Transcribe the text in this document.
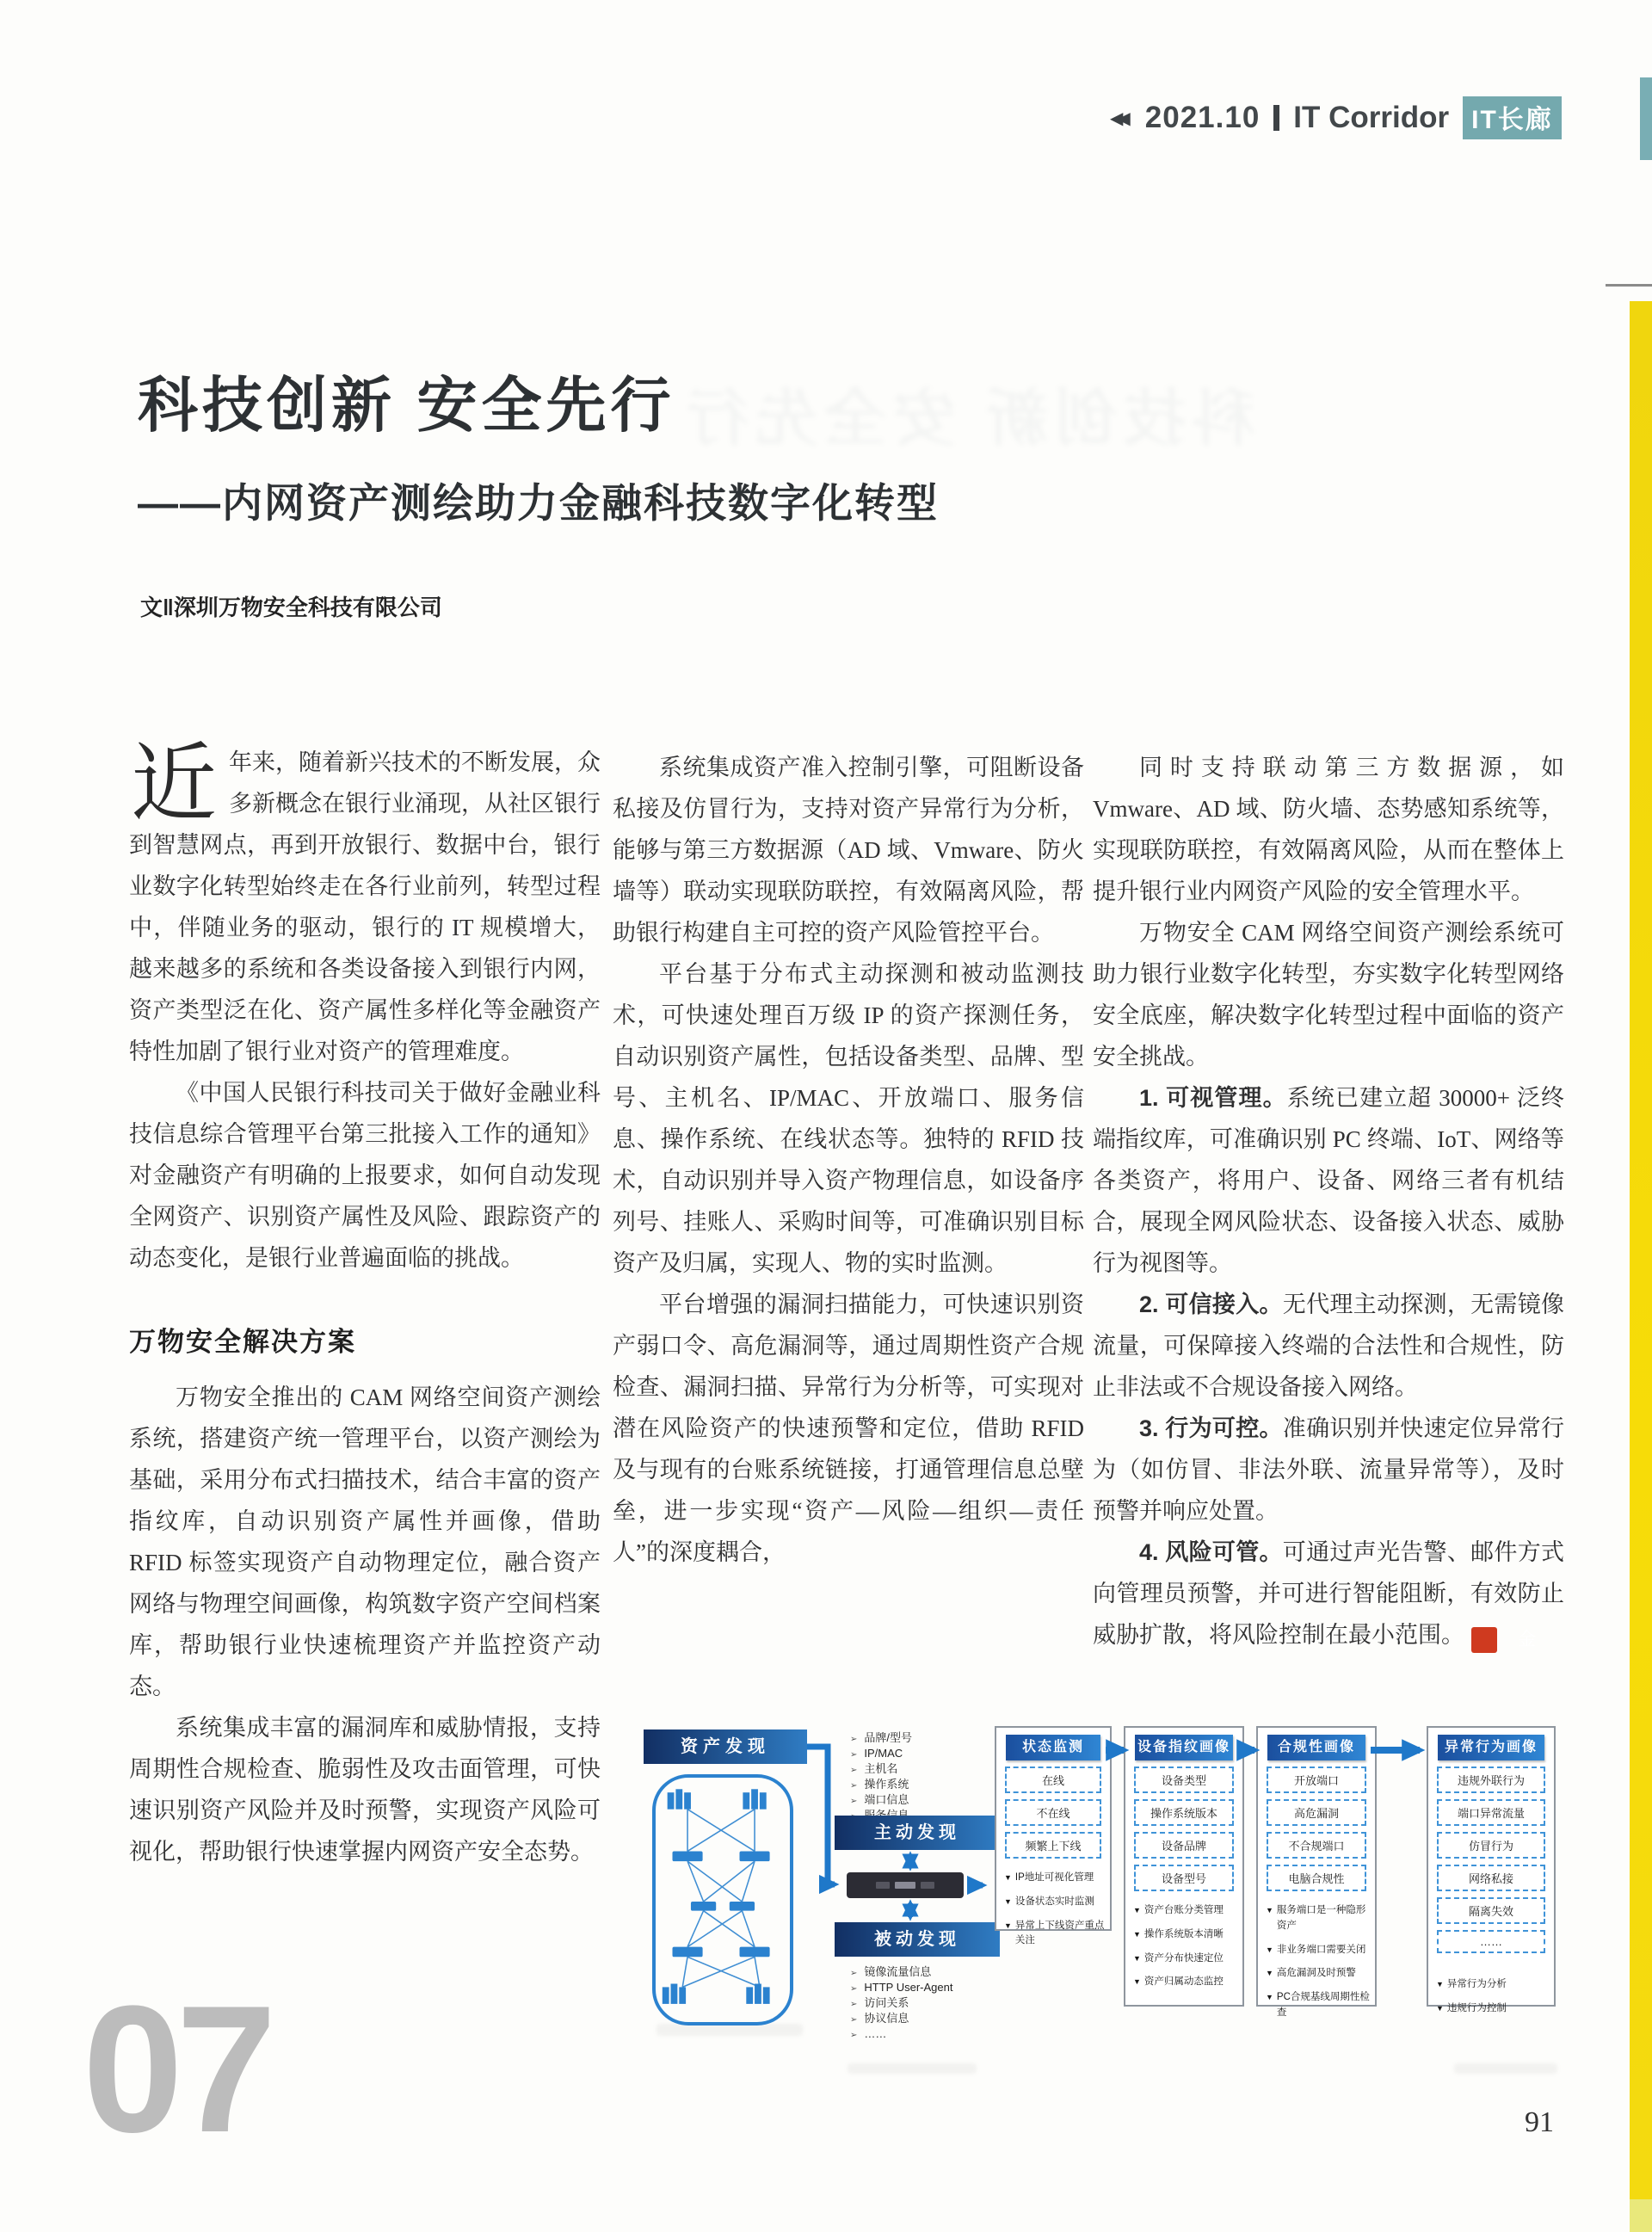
◀◀ 2021.10 IT Corridor IT长廊
科技创新 安全先行
科技创新 安全先行
——内网资产测绘助力金融科技数字化转型
文‖深圳万物安全科技有限公司
07	91

近年来，随着新兴技术的不断发展，众多新概念在银行业涌现，从社区银行到智慧网点，再到开放银行、数据中台，银行业数字化转型始终走在各行业前列，转型过程中，伴随业务的驱动，银行的 IT 规模增大，越来越多的系统和各类设备接入到银行内网，资产类型泛在化、资产属性多样化等金融资产特性加剧了银行业对资产的管理难度。

《中国人民银行科技司关于做好金融业科技信息综合管理平台第三批接入工作的通知》对金融资产有明确的上报要求，如何自动发现全网资产、识别资产属性及风险、跟踪资产的动态变化，是银行业普遍面临的挑战。

万物安全解决方案

万物安全推出的 CAM 网络空间资产测绘系统，搭建资产统一管理平台，以资产测绘为基础，采用分布式扫描技术，结合丰富的资产指纹库，自动识别资产属性并画像，借助 RFID 标签实现资产自动物理定位，融合资产网络与物理空间画像，构筑数字资产空间档案库，帮助银行业快速梳理资产并监控资产动态。

系统集成丰富的漏洞库和威胁情报，支持周期性合规检查、脆弱性及攻击面管理，可快速识别资产风险并及时预警，实现资产风险可视化，帮助银行快速掌握内网资产安全态势。

系统集成资产准入控制引擎，可阻断设备私接及仿冒行为，支持对资产异常行为分析，能够与第三方数据源（AD 域、Vmware、防火墙等）联动实现联防联控，有效隔离风险，帮助银行构建自主可控的资产风险管控平台。

平台基于分布式主动探测和被动监测技术，可快速处理百万级 IP 的资产探测任务，自动识别资产属性，包括设备类型、品牌、型号、主机名、IP/MAC、开放端口、服务信息、操作系统、在线状态等。独特的 RFID 技术，自动识别并导入资产物理信息，如设备序列号、挂账人、采购时间等，可准确识别目标资产及归属，实现人、物的实时监测。

平台增强的漏洞扫描能力，可快速识别资产弱口令、高危漏洞等，通过周期性资产合规检查、漏洞扫描、异常行为分析等，可实现对潜在风险资产的快速预警和定位，借助 RFID 及与现有的台账系统链接，打通管理信息总壁垒，进一步实现“资产—风险—组织—责任人”的深度耦合，

同时支持联动第三方数据源，如 Vmware、AD 域、防火墙、态势感知系统等，实现联防联控，有效隔离风险，从而在整体上提升银行业内网资产风险的安全管理水平。

万物安全 CAM 网络空间资产测绘系统可助力银行业数字化转型，夯实数字化转型网络安全底座，解决数字化转型过程中面临的资产安全挑战。

1. 可视管理。系统已建立超 30000+ 泛终端指纹库，可准确识别 PC 终端、IoT、网络等各类资产，将用户、设备、网络三者有机结合，展现全网风险状态、设备接入状态、威胁行为视图等。

2. 可信接入。无代理主动探测，无需镜像流量，可保障接入终端的合法性和合规性，防止非法或不合规设备接入网络。

3. 行为可控。准确识别并快速定位异常行为（如仿冒、非法外联、流量异常等），及时预警并响应处置。

4. 风险可管。可通过声光告警、邮件方式向管理员预警，并可进行智能阻断，有效防止威胁扩散，将风险控制在最小范围。	金

资产发现 ➢	品牌/型号
➢
IP/MAC
➢
主机名
➢
操作系统
➢
端口信息
➢
主动发现
被动发现
➢
镜像流量信息
➢
HTTP User-Agent
➢
访问关系
➢
协议信息
➢
……
状态监测
在线
不在线
频繁上下线
▼
IP地址可视化管理
▼
设备状态实时监测
▼
异常上下线资产重点关注
设备指纹画像
设备类型
操作系统版本
设备品牌
设备型号
▼
资产台账分类管理
▼
操作系统版本清晰
▼
资产分布快速定位
▼
资产归属动态监控
合规性画像
开放端口
高危漏洞
不合规端口
电脑合规性
▼
服务端口是一种隐形资产
▼
非业务端口需要关闭
▼
高危漏洞及时预警
▼
PC合规基线周期性检查
异常行为画像
违规外联行为
端口异常流量
仿冒行为
网络私接
隔离失效
……
▼
异常行为分析
▼
违规行为控制
